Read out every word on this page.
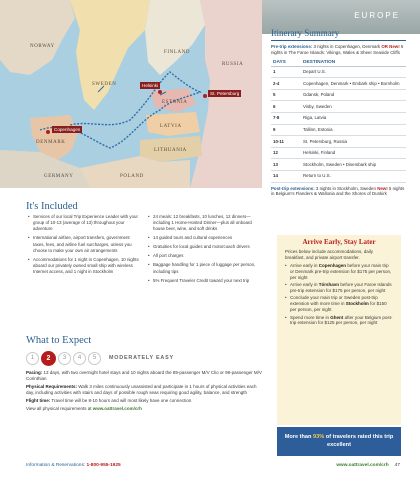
EUROPE
NORWAY
SWEDEN
FINLAND
RUSSIA
ESTONIA
LATVIA
LITHUANIA
DENMARK
GERMANY	POLAND
Copenhagen
Helsinki
St. Petersburg
It's Included
• Services of our local Trip Experience Leader with your group of 10-13 (average of 13) throughout your adventure
• International airfare, airport transfers, government taxes, fees, and airline fuel surcharges, unless you choose to make your own air arrangements
• Accommodations for 1 night in Copenhagen, 10 nights aboard our privately owned small ship with wireless Internet access, and 1 night in Stockholm
• 24 meals: 12 breakfasts, 10 lunches, 12 dinners—including 1 Home-Hosted Dinner—plus all onboard house beer, wine, and soft drinks
• 14 guided tours and cultural experiences
• Gratuities for local guides and motorcoach drivers
• All port charges
• Baggage handling for 1 piece of luggage per person, including tips
• 5% Frequent Traveler Credit toward your next trip
What to Expect
1	2	3	4	5	MODERATELY EASY

Pacing: 13 days, with two overnight hotel stays and 10 nights aboard the 89-passenger M/V Clio or 98-passenger M/V Corinthian

Physical Requirements: Walk 3 miles continuously unassisted and participate in 1 hours of physical activities each day, including activities with stairs and days of possible rough seas requiring good agility, balance, and strength

Flight time: Travel time will be 8-10 hours and will most likely have one connection

View all physical requirements at www.oattravel.com/crh

Itinerary Summary
Pre-trip extensions: 3 nights in Copenhagen, Denmark OR New! 5 nights in The Faroe Islands: Vikings, Wales & Sheer Seaside Cliffs
DAYS	DESTINATION
1	Depart U.S.
2-4	Copenhagen, Denmark • Embark ship • Bornholm
5	Gdansk, Poland
6	Visby, Sweden
7-8	Riga, Latvia
9	Tallinn, Estonia
10-11	St. Petersburg, Russia
12	Helsinki, Finland
13	Stockholm, Sweden • Disembark ship
14	Return to U.S.
Post-trip extensions: 3 nights in Stockholm, Sweden New! 5 nights in Belgium's Flanders & Wallonia and the Shores of Dunkirk
Arrive Early, Stay Later
Prices below include accommodations, daily breakfast, and private airport transfer.
• Arrive early in Copenhagen before your main trip or Denmark pre-trip extension for $175 per person, per night
• Arrive early in Tórshavn before your Faroe Islands pre-trip extension for $175 per person, per night
• Conclude your main trip or Sweden post-trip extension with more time in Stockholm for $150 per person, per night
• Spend more time in Ghent after your Belgium post-trip extension for $125 per person, per night
More than 93% of travelers rated this trip excellent
Information & Reservations: 1-800-955-1925	www.oattravel.com/crh 47
